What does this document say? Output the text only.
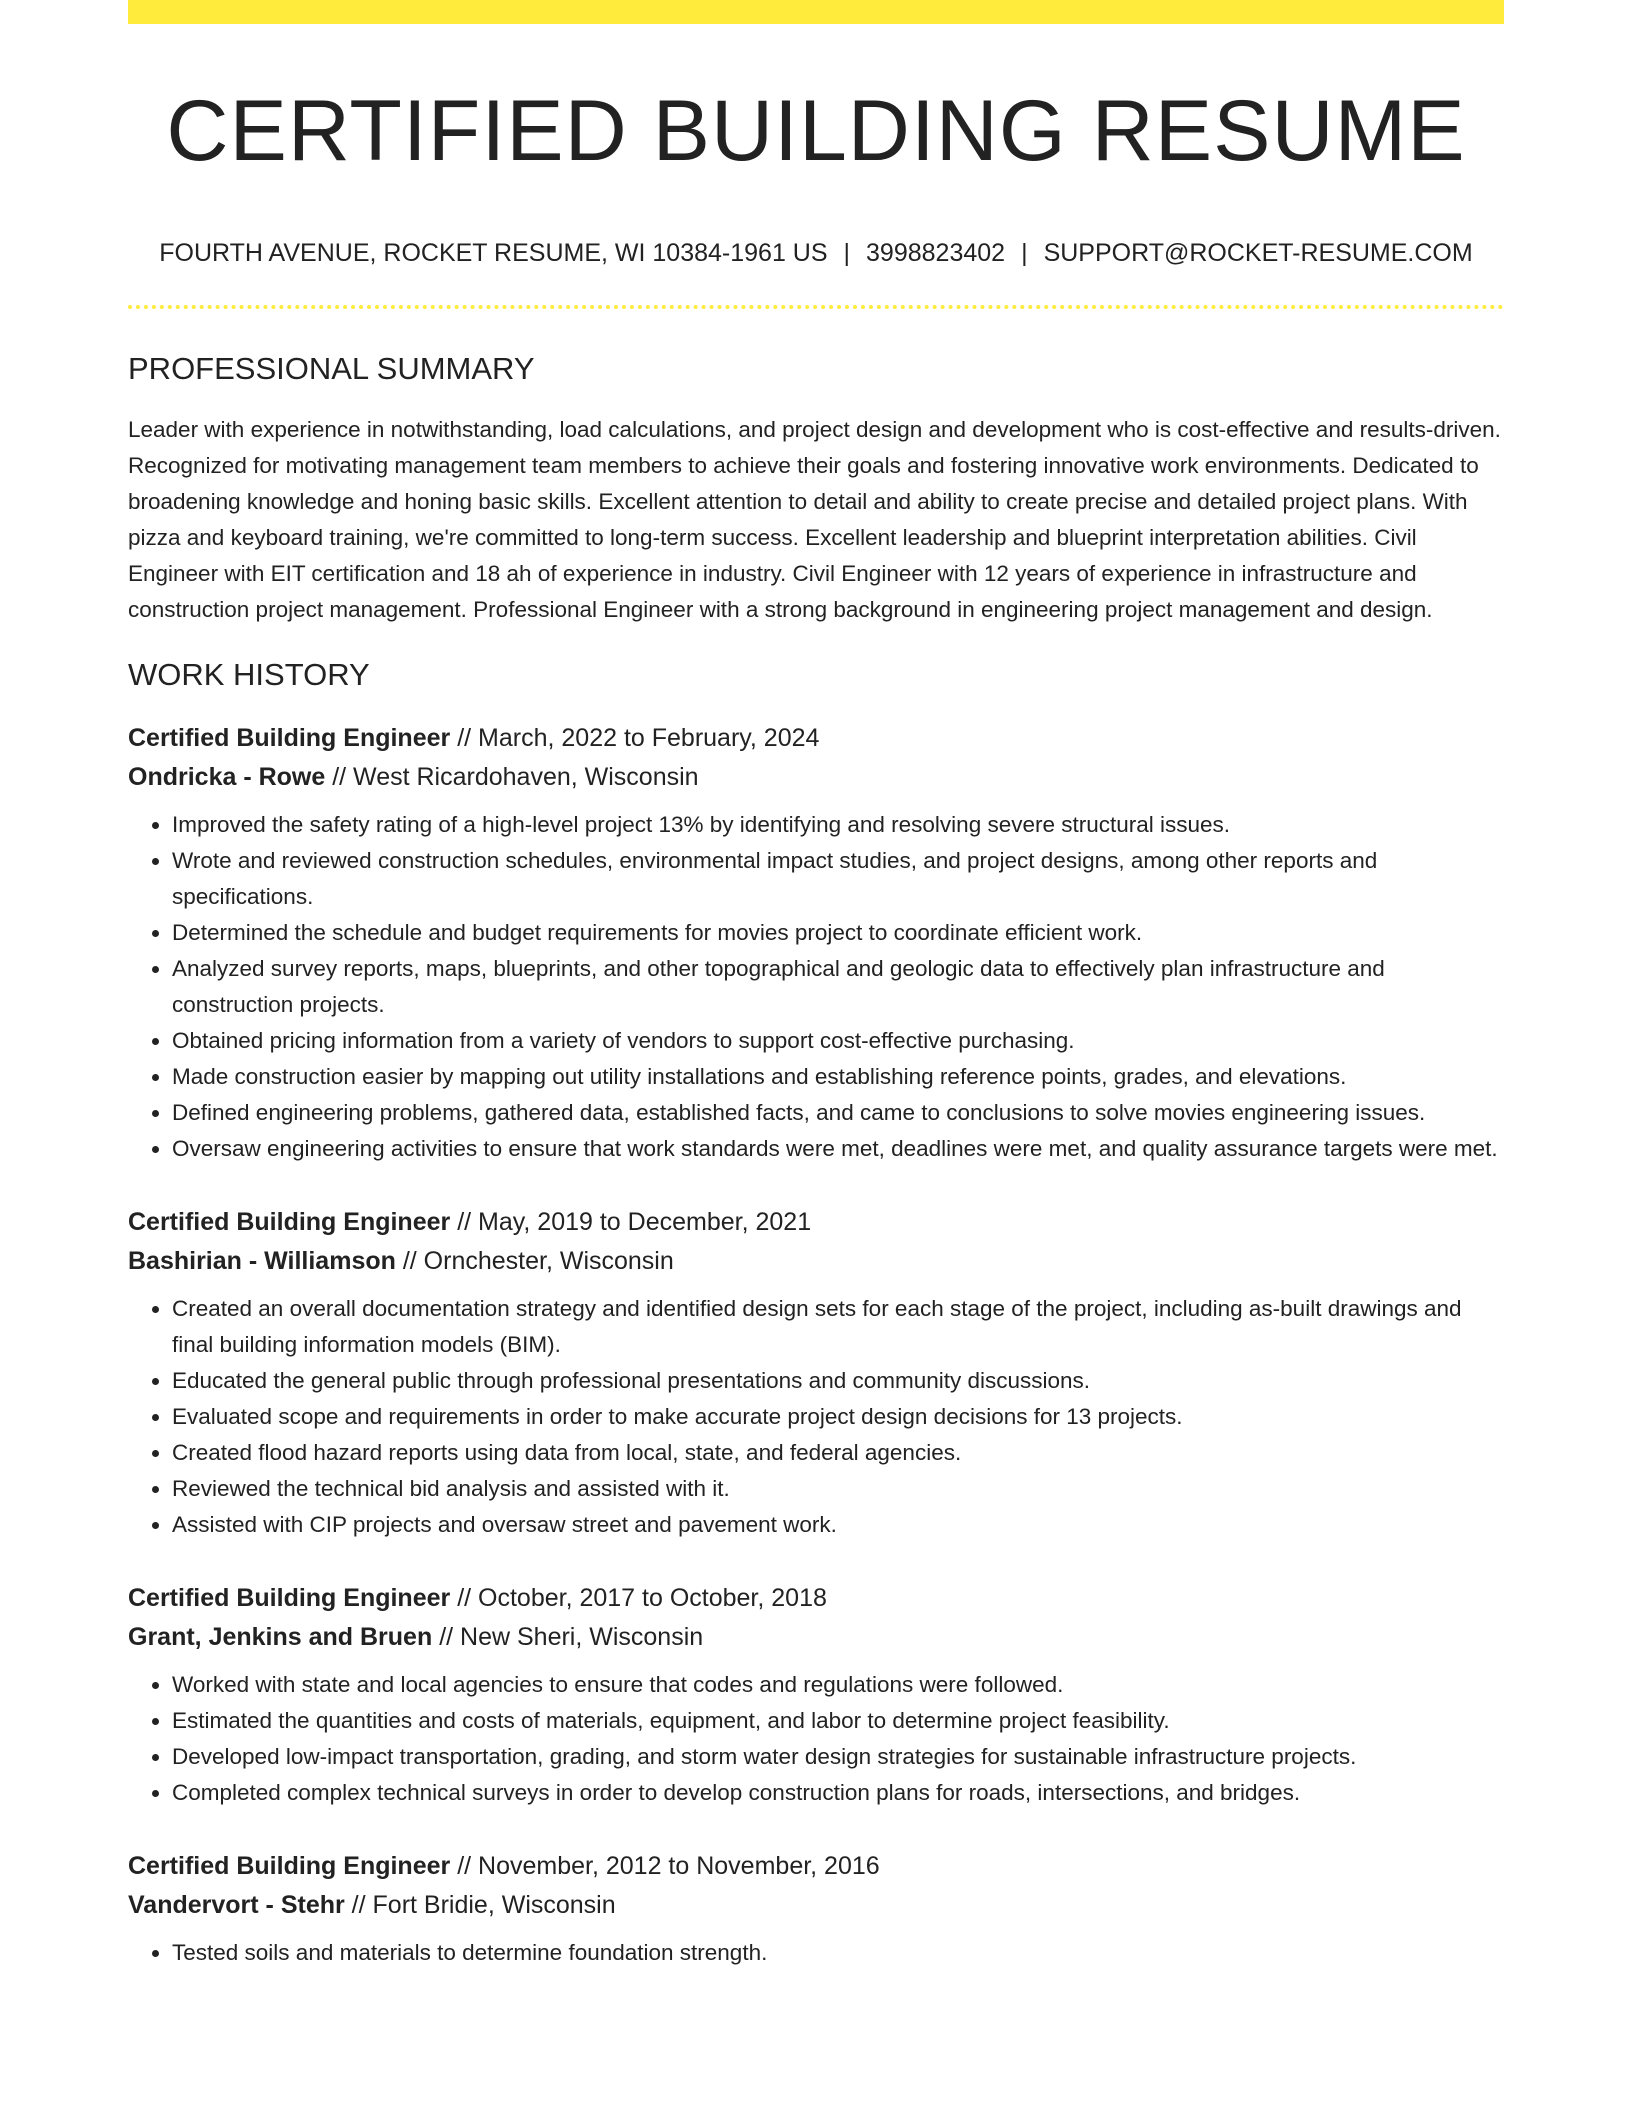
CERTIFIED BUILDING RESUME
FOURTH AVENUE, ROCKET RESUME, WI 10384-1961 US | 3998823402 | SUPPORT@ROCKET-RESUME.COM
PROFESSIONAL SUMMARY

Leader with experience in notwithstanding, load calculations, and project design and development who is cost-effective and results-driven. Recognized for motivating management team members to achieve their goals and fostering innovative work environments. Dedicated to broadening knowledge and honing basic skills. Excellent attention to detail and ability to create precise and detailed project plans. With pizza and keyboard training, we're committed to long-term success. Excellent leadership and blueprint interpretation abilities. Civil Engineer with EIT certification and 18 ah of experience in industry. Civil Engineer with 12 years of experience in infrastructure and construction project management. Professional Engineer with a strong background in engineering project management and design.

WORK HISTORY
Certified Building Engineer // March, 2022 to February, 2024
Ondricka - Rowe // West Ricardohaven, Wisconsin
• Improved the safety rating of a high-level project 13% by identifying and resolving severe structural issues.
• Wrote and reviewed construction schedules, environmental impact studies, and project designs, among other reports and specifications.
• Determined the schedule and budget requirements for movies project to coordinate efficient work.
• Analyzed survey reports, maps, blueprints, and other topographical and geologic data to effectively plan infrastructure and construction projects.
• Obtained pricing information from a variety of vendors to support cost-effective purchasing.
• Made construction easier by mapping out utility installations and establishing reference points, grades, and elevations.
• Defined engineering problems, gathered data, established facts, and came to conclusions to solve movies engineering issues.
• Oversaw engineering activities to ensure that work standards were met, deadlines were met, and quality assurance targets were met.
Certified Building Engineer // May, 2019 to December, 2021
Bashirian - Williamson // Ornchester, Wisconsin
• Created an overall documentation strategy and identified design sets for each stage of the project, including as-built drawings and final building information models (BIM).
• Educated the general public through professional presentations and community discussions.
• Evaluated scope and requirements in order to make accurate project design decisions for 13 projects.
• Created flood hazard reports using data from local, state, and federal agencies.
• Reviewed the technical bid analysis and assisted with it.
• Assisted with CIP projects and oversaw street and pavement work.
Certified Building Engineer // October, 2017 to October, 2018
Grant, Jenkins and Bruen // New Sheri, Wisconsin
• Worked with state and local agencies to ensure that codes and regulations were followed.
• Estimated the quantities and costs of materials, equipment, and labor to determine project feasibility.
• Developed low-impact transportation, grading, and storm water design strategies for sustainable infrastructure projects.
• Completed complex technical surveys in order to develop construction plans for roads, intersections, and bridges.
Certified Building Engineer // November, 2012 to November, 2016
Vandervort - Stehr // Fort Bridie, Wisconsin
• Tested soils and materials to determine foundation strength.
